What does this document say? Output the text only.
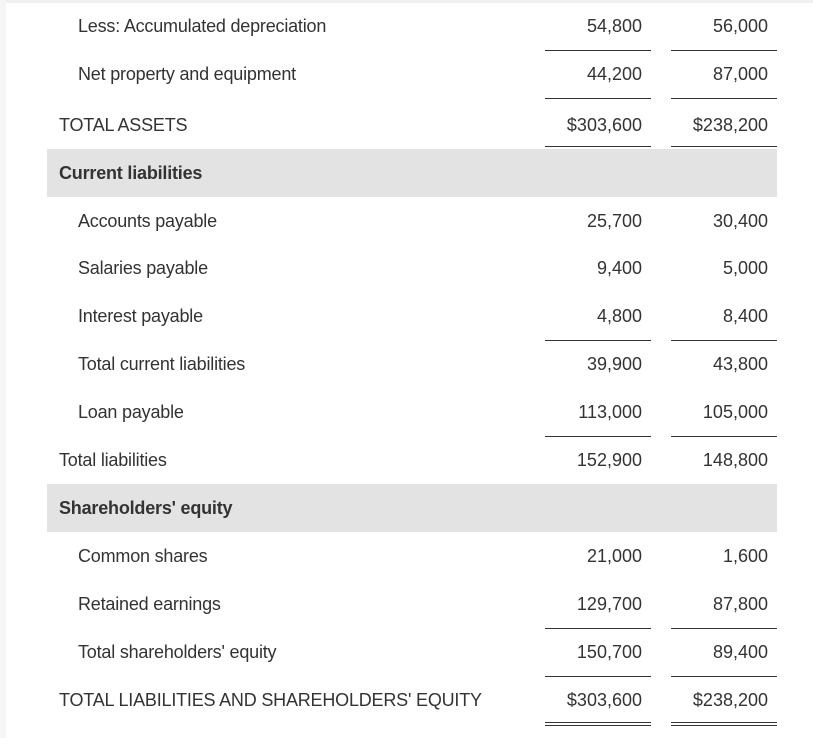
Less: Accumulated depreciation	54,800	56,000
Net property and equipment	44,200	87,000
TOTAL ASSETS	$303,600	$238,200
Current liabilities
Accounts payable	25,700	30,400
Salaries payable	9,400	5,000
Interest payable	4,800	8,400
Total current liabilities	39,900	43,800
Loan payable	113,000	105,000
Total liabilities	152,900	148,800
Shareholders' equity
Common shares	21,000	1,600
Retained earnings	129,700	87,800
Total shareholders' equity	150,700	89,400
TOTAL LIABILITIES AND SHAREHOLDERS' EQUITY	$303,600	$238,200
